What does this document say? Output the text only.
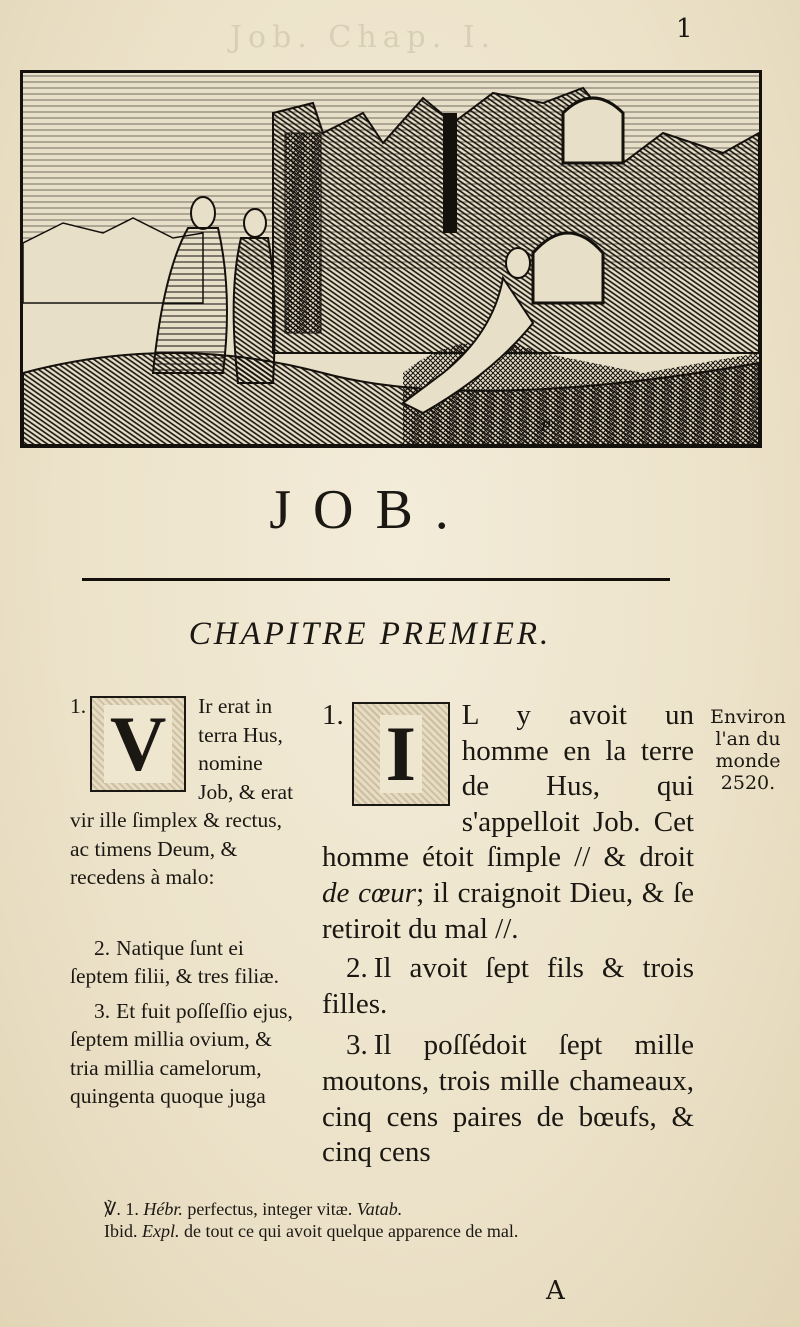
Job. Chap. I.	1
P
JOB.
CHAPITRE PREMIER.

1. V Ir erat in terra Hus, nomine Job, & erat vir ille ſimplex & rectus, ac timens Deum, & recedens à malo:

2. Natique ſunt ei ſeptem filii, & tres filiæ.

3. Et fuit poſſeſſio ejus, ſeptem millia ovium, & tria millia camelorum, quingenta quoque juga

1. I L y avoit un homme en la terre de Hus, qui s'appelloit Job. Cet homme étoit ſimple // & droit de cœur; il craignoit Dieu, & ſe retiroit du mal //.

2. Il avoit ſept fils & trois filles.

3. Il poſſédoit ſept mille moutons, trois mille chameaux, cinq cens paires de bœufs, & cinq cens

Environ
l'an du
monde
2520.
℣. 1. Hébr. perfectus, integer vitæ. Vatab.
Ibid. Expl. de tout ce qui avoit quelque apparence de mal.
A
